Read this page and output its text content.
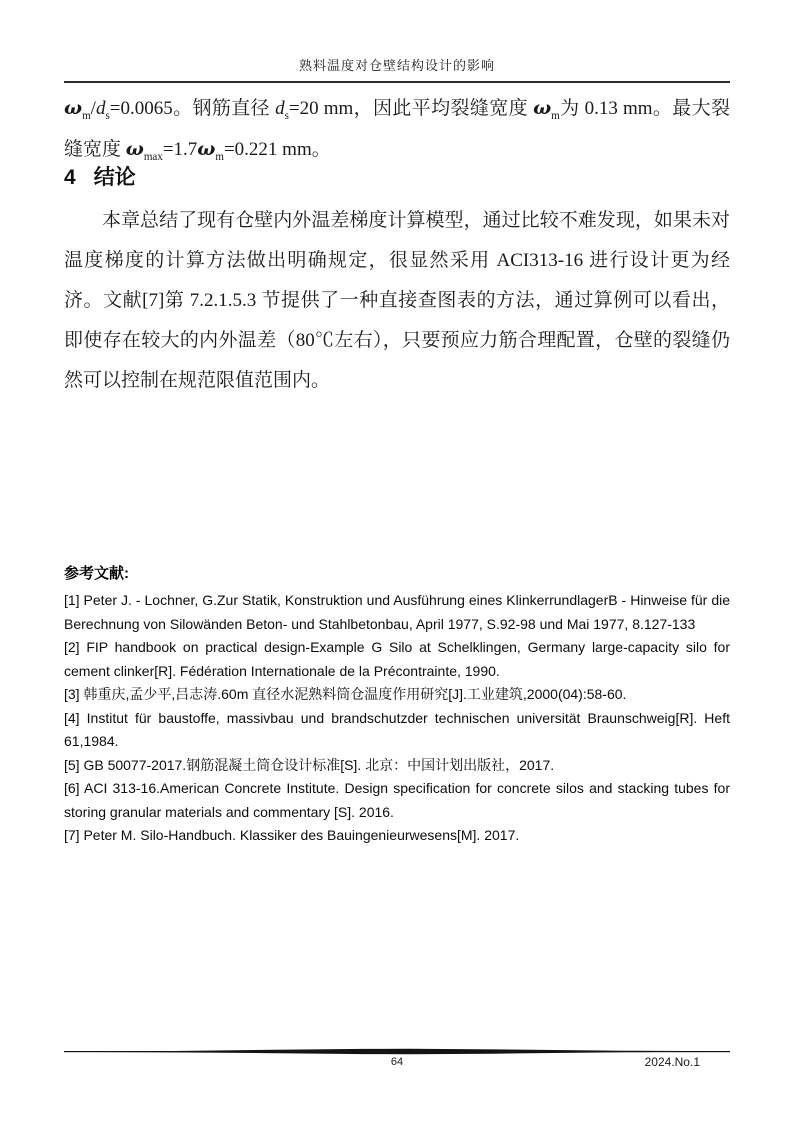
熟料温度对仓壁结构设计的影响
$\omega_m/d_s=0.0065$。钢筋直径 $d_s=20$ mm，因此平均裂缝宽度 $\omega_m$为 0.13 mm。最大裂缝宽度 $\omega_{max}=1.7\omega_m=0.221$ mm。
4 结论

本章总结了现有仓壁内外温差梯度计算模型，通过比较不难发现，如果未对温度梯度的计算方法做出明确规定，很显然采用 ACI313-16 进行设计更为经济。文献[7]第 7.2.1.5.3 节提供了一种直接查图表的方法，通过算例可以看出，即使存在较大的内外温差（80℃左右），只要预应力筋合理配置，仓壁的裂缝仍然可以控制在规范限值范围内。

参考文献:

[1] Peter J. - Lochner, G.Zur Statik, Konstruktion und Ausführung eines KlinkerrundlagerB - Hinweise für die Berechnung von Silowänden Beton- und Stahlbetonbau, April 1977, S.92-98 und Mai 1977, 8.127-133

[2] FIP handbook on practical design-Example G Silo at Schelklingen, Germany large-capacity silo for cement clinker[R]. Fédération Internationale de la Précontrainte, 1990.

[3] 韩重庆,孟少平,吕志涛.60m 直径水泥熟料筒仓温度作用研究[J].工业建筑,2000(04):58-60.

[4] Institut für baustoffe, massivbau und brandschutzder technischen universität Braunschweig[R]. Heft 61,1984.

[5] GB 50077-2017.钢筋混凝土筒仓设计标准[S]. 北京：中国计划出版社，2017.

[6] ACI 313-16.American Concrete Institute. Design specification for concrete silos and stacking tubes for storing granular materials and commentary [S]. 2016.

[7] Peter M. Silo-Handbuch. Klassiker des Bauingenieurwesens[M]. 2017.

64	2024.No.1
